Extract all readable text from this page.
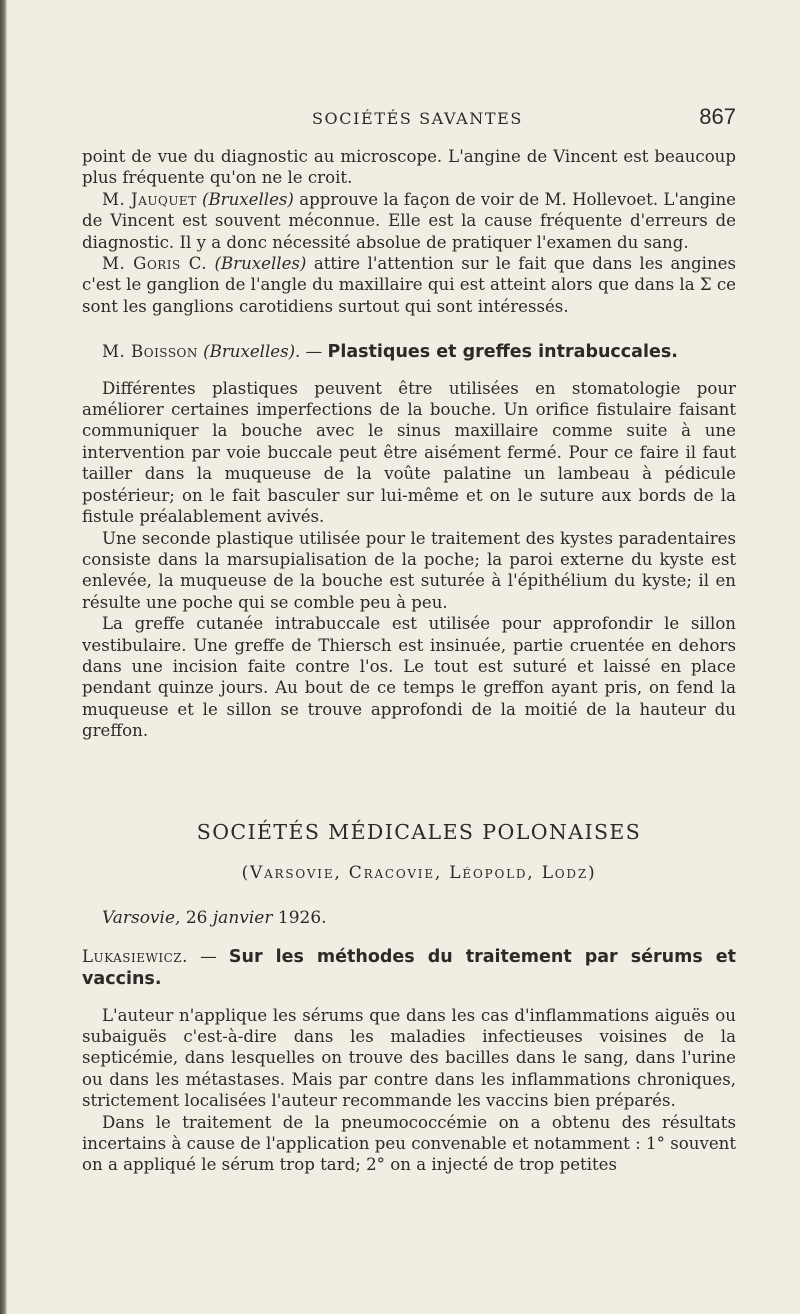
SOCIÉTÉS SAVANTES	867

point de vue du diagnostic au microscope. L'angine de Vincent est beaucoup plus fréquente qu'on ne le croit.

M. Jauquet (Bruxelles) approuve la façon de voir de M. Hollevoet. L'angine de Vincent est souvent méconnue. Elle est la cause fréquente d'erreurs de diagnostic. Il y a donc nécessité absolue de pratiquer l'examen du sang.

M. Goris C. (Bruxelles) attire l'attention sur le fait que dans les angines c'est le ganglion de l'angle du maxillaire qui est atteint alors que dans la Σ ce sont les ganglions carotidiens surtout qui sont intéressés.

M. Boisson (Bruxelles). — Plastiques et greffes intrabuccales.

Différentes plastiques peuvent être utilisées en stomatologie pour améliorer certaines imperfections de la bouche. Un orifice fistulaire faisant communiquer la bouche avec le sinus maxillaire comme suite à une intervention par voie buccale peut être aisément fermé. Pour ce faire il faut tailler dans la muqueuse de la voûte palatine un lambeau à pédicule postérieur; on le fait basculer sur lui-même et on le suture aux bords de la fistule préalablement avivés.

Une seconde plastique utilisée pour le traitement des kystes paradentaires consiste dans la marsupialisation de la poche; la paroi externe du kyste est enlevée, la muqueuse de la bouche est suturée à l'épithélium du kyste; il en résulte une poche qui se comble peu à peu.

La greffe cutanée intrabuccale est utilisée pour approfondir le sillon vestibulaire. Une greffe de Thiersch est insinuée, partie cruentée en dehors dans une incision faite contre l'os. Le tout est suturé et laissé en place pendant quinze jours. Au bout de ce temps le greffon ayant pris, on fend la muqueuse et le sillon se trouve approfondi de la moitié de la hauteur du greffon.

SOCIÉTÉS MÉDICALES POLONAISES

(Varsovie, Cracovie, Léopold, Lodz)

Varsovie, 26 janvier 1926.

Lukasiewicz. — Sur les méthodes du traitement par sérums et vaccins.

L'auteur n'applique les sérums que dans les cas d'inflammations aiguës ou subaiguës c'est-à-dire dans les maladies infectieuses voisines de la septicémie, dans lesquelles on trouve des bacilles dans le sang, dans l'urine ou dans les métastases. Mais par contre dans les inflammations chroniques, strictement localisées l'auteur recommande les vaccins bien préparés.

Dans le traitement de la pneumococcémie on a obtenu des résultats incertains à cause de l'application peu convenable et notamment : 1° souvent on a appliqué le sérum trop tard; 2° on a injecté de trop petites
